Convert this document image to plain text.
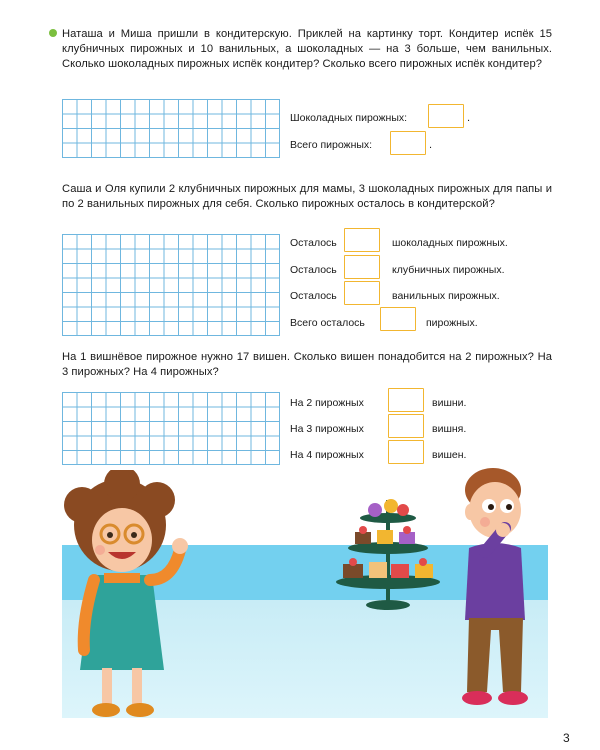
Наташа и Миша пришли в кондитерскую. Приклей на картинку торт. Кондитер испёк 15 клубничных пирожных и 10 ванильных, а шоколадных — на 3 больше, чем ванильных. Сколько шоколадных пирожных испёк кондитер? Сколько всего пирожных испёк кондитер?
Шоколадных пирожных:	.
Всего пирожных:	.
Саша и Оля купили 2 клубничных пирожных для мамы, 3 шоколадных пирожных для папы и по 2 ванильных пирожных для себя. Сколько пирожных осталось в кондитерской?
Осталось	шоколадных пирожных.
Осталось	клубничных пирожных.
Осталось	ванильных пирожных.
Всего осталось	пирожных.
На 1 вишнёвое пирожное нужно 17 вишен. Сколько вишен понадобится на 2 пирожных? На 3 пирожных? На 4 пирожных?
На 2 пирожных	вишни.
На 3 пирожных	вишня.
На 4 пирожных	вишен.
3
